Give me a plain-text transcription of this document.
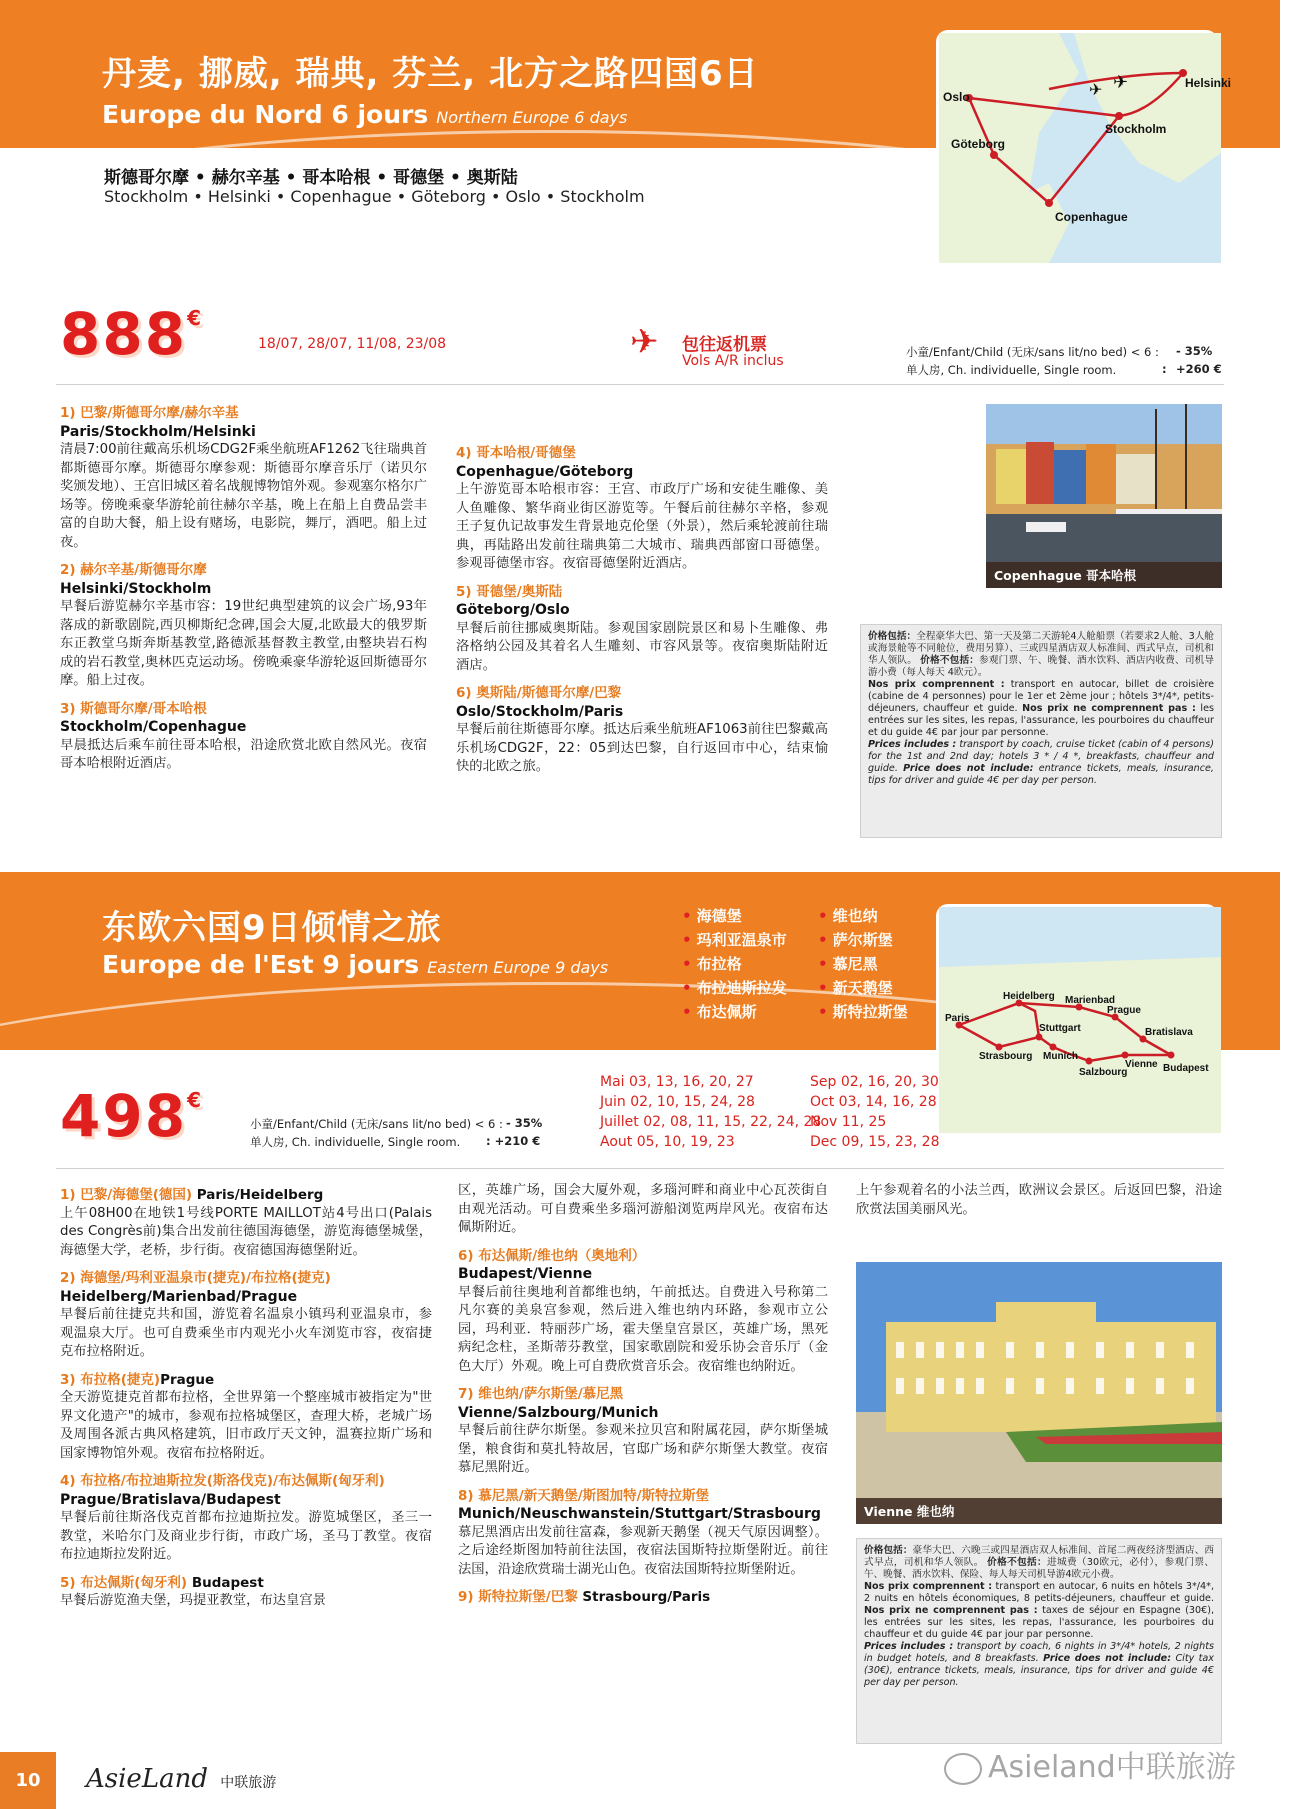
丹麦, 挪威, 瑞典, 芬兰, 北方之路四国6日
Europe du Nord 6 jours Northern Europe 6 days
斯德哥尔摩 • 赫尔辛基 • 哥本哈根 • 哥德堡 • 奥斯陆
Stockholm • Helsinki • Copenhague • Göteborg • Oslo • Stockholm
Helsinki
Oslo
Stockholm
Göteborg
Copenhague
✈
✈
888€
18/07, 28/07, 11/08, 23/08	✈ 包往返机票
Vols A/R inclus
小童/Enfant/Child (无床/sans lit/no bed) < 6 : - 35%
单人房, Ch. individuelle, Single room.	: +260 €
1) 巴黎/斯德哥尔摩/赫尔辛基
Paris/Stockholm/Helsinki
清晨7:00前往戴高乐机场CDG2F乘坐航班AF1262飞往瑞典首都斯德哥尔摩。斯德哥尔摩参观：斯德哥尔摩音乐厅（诺贝尔奖颁发地）、王宫旧城区着名战舰博物馆外观。参观塞尔格尔广场等。傍晚乘豪华游轮前往赫尔辛基，晚上在船上自费品尝丰富的自助大餐，船上设有赌场，电影院，舞厅，酒吧。船上过夜。
2) 赫尔辛基/斯德哥尔摩
Helsinki/Stockholm
早餐后游览赫尔辛基市容：19世纪典型建筑的议会广场,93年落成的新歌剧院,西贝柳斯纪念碑,国会大厦,北欧最大的俄罗斯东正教堂乌斯奔斯基教堂,路德派基督教主教堂,由整块岩石构成的岩石教堂,奥林匹克运动场。傍晚乘豪华游轮返回斯德哥尔摩。船上过夜。
3) 斯德哥尔摩/哥本哈根
Stockholm/Copenhague
早晨抵达后乘车前往哥本哈根，沿途欣赏北欧自然风光。夜宿哥本哈根附近酒店。
4) 哥本哈根/哥德堡
Copenhague/Göteborg
上午游览哥本哈根市容：王宫、市政厅广场和安徒生雕像、美人鱼雕像、繁华商业街区游览等。午餐后前往赫尔辛格，参观王子复仇记故事发生背景地克伦堡（外景），然后乘轮渡前往瑞典，再陆路出发前往瑞典第二大城市、瑞典西部窗口哥德堡。参观哥德堡市容。夜宿哥德堡附近酒店。
5) 哥德堡/奥斯陆
Göteborg/Oslo
早餐后前往挪威奥斯陆。参观国家剧院景区和易卜生雕像、弗洛格纳公园及其着名人生雕刻、市容风景等。夜宿奥斯陆附近酒店。
6) 奥斯陆/斯德哥尔摩/巴黎
Oslo/Stockholm/Paris
早餐后前往斯德哥尔摩。抵达后乘坐航班AF1063前往巴黎戴高乐机场CDG2F，22：05到达巴黎，自行返回市中心，结束愉快的北欧之旅。
Copenhague 哥本哈根
价格包括：全程豪华大巴、第一天及第二天游轮4人舱船票（若要求2人舱、3人舱或海景舱等不同舱位，费用另算）、三或四星酒店双人标准间、西式早点，司机和华人领队。 价格不包括：参观门票、午、晚餐、酒水饮料、酒店内收费、司机导游小费（每人每天 4欧元）。
Nos prix comprennent : transport en autocar, billet de croisière (cabine de 4 personnes) pour le 1er et 2ème jour ; hôtels 3*/4*, petits-déjeuners, chauffeur et guide. Nos prix ne comprennent pas : les entrées sur les sites, les repas, l'assurance, les pourboires du chauffeur et du guide 4€ par jour par personne.
Prices includes : transport by coach, cruise ticket (cabin of 4 persons) for the 1st and 2nd day; hotels 3 * / 4 *, breakfasts, chauffeur and guide. Price does not include: entrance tickets, meals, insurance, tips for driver and guide 4€ per day per person.
东欧六国9日倾情之旅
Europe de l'Est 9 jours Eastern Europe 9 days
• 海德堡
• 玛利亚温泉市
• 布拉格
• 布拉迪斯拉发
• 布达佩斯
• 维也纳
• 萨尔斯堡
• 慕尼黑
• 新天鹅堡
• 斯特拉斯堡
Heidelberg Marienbad
Prague
Paris
Stuttgart	Bratislava
Strasbourg Munich
Vienne
Salzbourg	Budapest
498€
小童/Enfant/Child (无床/sans lit/no bed) < 6 : - 35%
单人房, Ch. individuelle, Single room. : +210 €
Mai 03, 13, 16, 20, 27
Juin 02, 10, 15, 24, 28
Juillet 02, 08, 11, 15, 22, 24, 28
Aout 05, 10, 19, 23
Sep 02, 16, 20, 30
Oct 03, 14, 16, 28
Nov 11, 25
Dec 09, 15, 23, 28
1) 巴黎/海德堡(德国) Paris/Heidelberg
上午08H00在地铁1号线PORTE MAILLOT站4号出口(Palais des Congrès前)集合出发前往德国海德堡，游览海德堡城堡，海德堡大学，老桥，步行街。夜宿德国海德堡附近。
2) 海德堡/玛利亚温泉市(捷克)/布拉格(捷克)
Heidelberg/Marienbad/Prague
早餐后前往捷克共和国，游览着名温泉小镇玛利亚温泉市，参观温泉大厅。也可自费乘坐市内观光小火车浏览市容，夜宿捷克布拉格附近。
3) 布拉格(捷克)Prague
全天游览捷克首都布拉格，全世界第一个整座城市被指定为"世界文化遗产"的城市，参观布拉格城堡区，查理大桥，老城广场及周围各派古典风格建筑，旧市政厅天文钟，温赛拉斯广场和国家博物馆外观。夜宿布拉格附近。
4) 布拉格/布拉迪斯拉发(斯洛伐克)/布达佩斯(匈牙利)
Prague/Bratislava/Budapest
早餐后前往斯洛伐克首都布拉迪斯拉发。游览城堡区，圣三一教堂，米哈尔门及商业步行街，市政广场，圣马丁教堂。夜宿布拉迪斯拉发附近。
5) 布达佩斯(匈牙利) Budapest
早餐后游览渔夫堡，玛提亚教堂，布达皇宫景
区，英雄广场，国会大厦外观，多瑙河畔和商业中心瓦茨街自由观光活动。可自费乘坐多瑙河游船浏览两岸风光。夜宿布达佩斯附近。
6) 布达佩斯/维也纳（奥地利）
Budapest/Vienne
早餐后前往奥地利首都维也纳，午前抵达。自费进入号称第二凡尔赛的美泉宫参观，然后进入维也纳内环路，参观市立公园，玛利亚．特丽莎广场，霍夫堡皇宫景区，英雄广场，黑死病纪念柱，圣斯蒂芬教堂，国家歌剧院和爱乐协会音乐厅（金色大厅）外观。晚上可自费欣赏音乐会。夜宿维也纳附近。
7) 维也纳/萨尔斯堡/慕尼黑
Vienne/Salzbourg/Munich
早餐后前往萨尔斯堡。参观米拉贝宫和附属花园，萨尔斯堡城堡，粮食街和莫扎特故居，官邸广场和萨尔斯堡大教堂。夜宿慕尼黑附近。
8) 慕尼黑/新天鹅堡/斯图加特/斯特拉斯堡
Munich/Neuschwanstein/Stuttgart/Strasbourg
慕尼黑酒店出发前往富森，参观新天鹅堡（视天气原因调整）。之后途经斯图加特前往法国，夜宿法国斯特拉斯堡附近。前往法国，沿途欣赏瑞士湖光山色。夜宿法国斯特拉斯堡附近。
9) 斯特拉斯堡/巴黎 Strasbourg/Paris
上午参观着名的小法兰西，欧洲议会景区。后返回巴黎，沿途欣赏法国美丽风光。
Vienne 维也纳
价格包括：豪华大巴、六晚三或四星酒店双人标准间、首尾二两夜经济型酒店、西式早点，司机和华人领队。 价格不包括：进城费（30欧元，必付），参观门票、午、晚餐、酒水饮料、保险、每人每天司机导游4欧元小费。
Nos prix comprennent : transport en autocar, 6 nuits en hôtels 3*/4*, 2 nuits en hôtels économiques, 8 petits-déjeuners, chauffeur et guide. Nos prix ne comprennent pas : taxes de séjour en Espagne (30€), les entrées sur les sites, les repas, l'assurance, les pourboires du chauffeur et du guide 4€ par jour par personne.
Prices includes : transport by coach, 6 nights in 3*/4* hotels, 2 nights in budget hotels, and 8 breakfasts. Price does not include: City tax (30€), entrance tickets, meals, insurance, tips for driver and guide 4€ per day per person.
10	AsieLand 中联旅游	Asieland中联旅游
